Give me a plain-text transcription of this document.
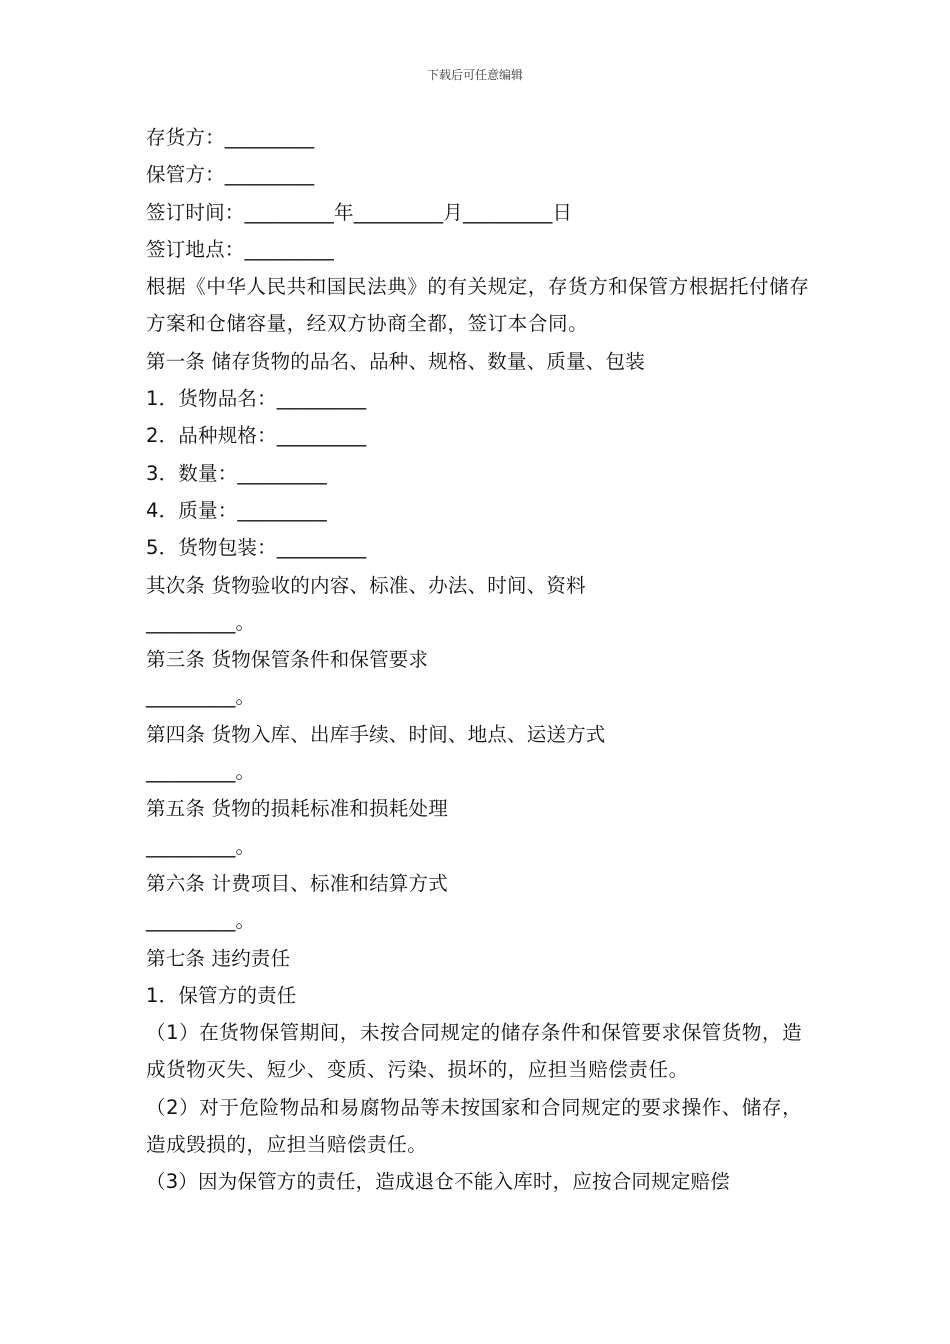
下载后可任意编辑
存货方：_________
保管方：_________
签订时间：_________年_________月_________日
签订地点：_________
根据《中华人民共和国民法典》的有关规定，存货方和保管方根据托付储存方案和仓储容量，经双方协商全都，签订本合同。
第一条 储存货物的品名、品种、规格、数量、质量、包装
1．货物品名：_________
2．品种规格：_________
3．数量：_________
4．质量：_________
5．货物包装：_________
其次条 货物验收的内容、标准、办法、时间、资料
_________。
第三条 货物保管条件和保管要求
_________。
第四条 货物入库、出库手续、时间、地点、运送方式
_________。
第五条 货物的损耗标准和损耗处理
_________。
第六条 计费项目、标准和结算方式
_________。
第七条 违约责任
1．保管方的责任
（1）在货物保管期间，未按合同规定的储存条件和保管要求保管货物，造成货物灭失、短少、变质、污染、损坏的，应担当赔偿责任。
（2）对于危险物品和易腐物品等未按国家和合同规定的要求操作、储存，造成毁损的，应担当赔偿责任。
（3）因为保管方的责任，造成退仓不能入库时，应按合同规定赔偿
